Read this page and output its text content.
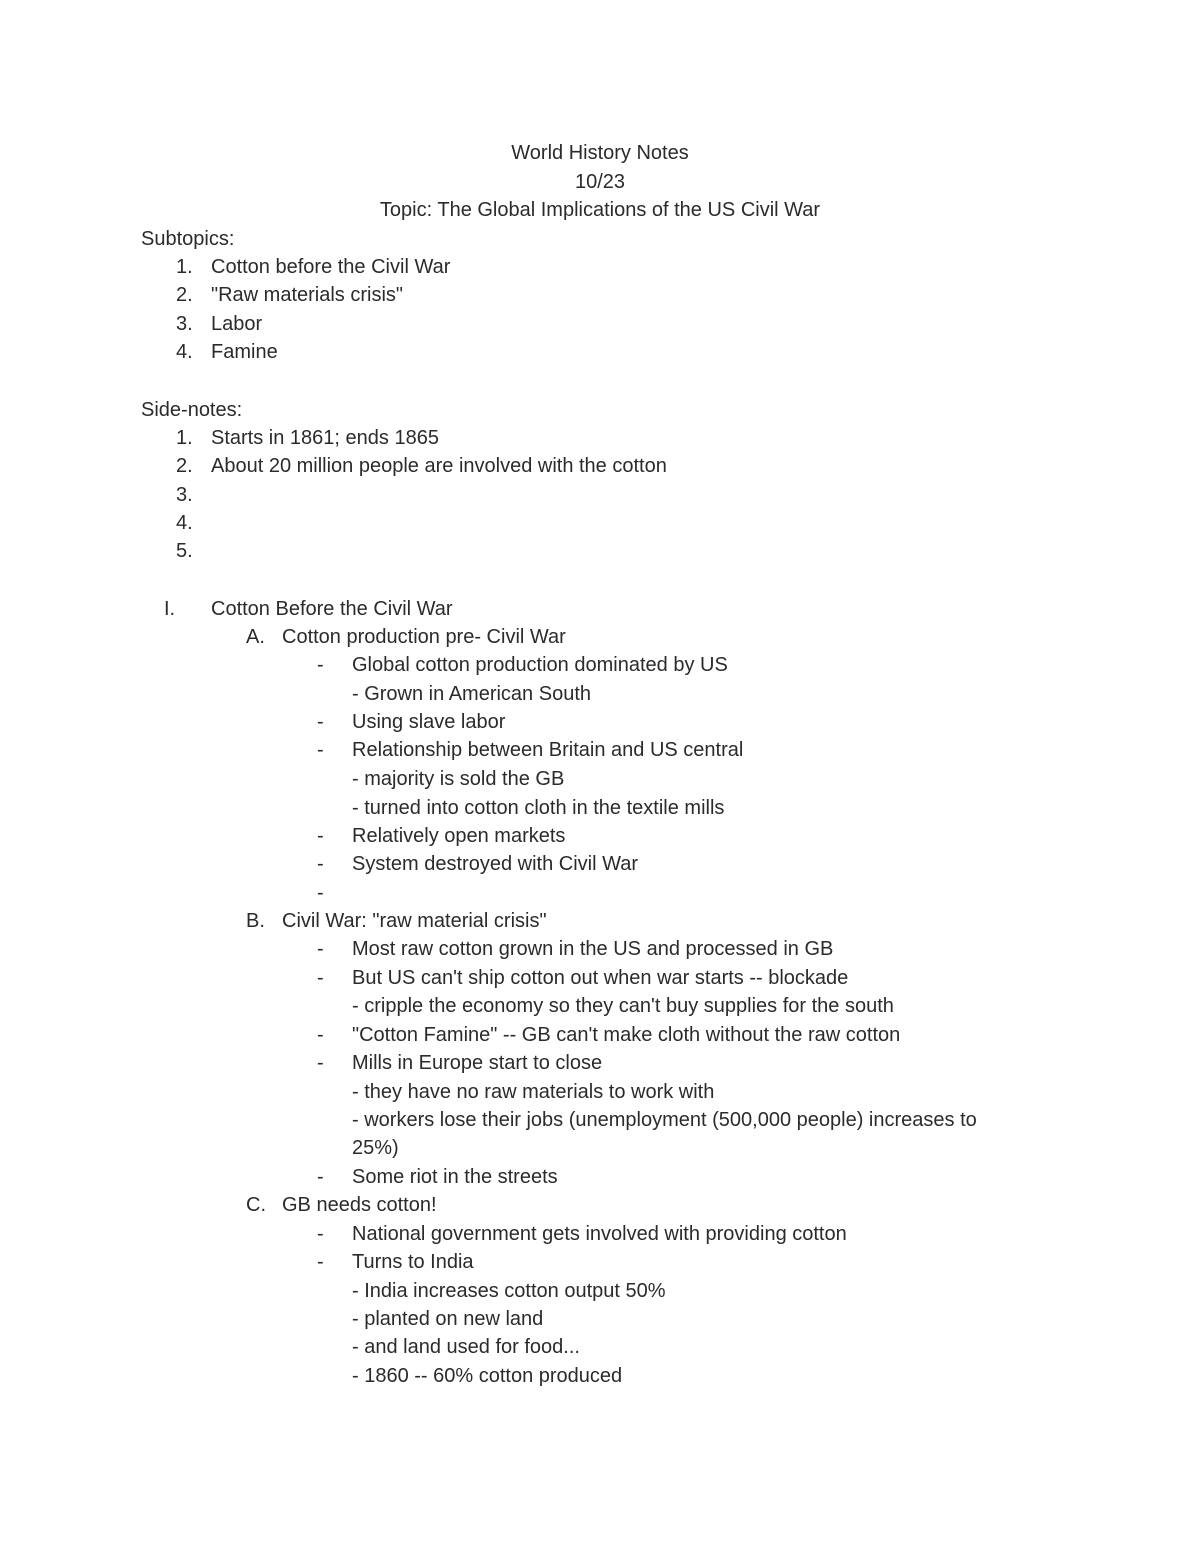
World History Notes
10/23
Topic: The Global Implications of the US Civil War
Subtopics:
1. Cotton before the Civil War
2. "Raw materials crisis"
3. Labor
4. Famine
Side-notes:
1. Starts in 1861; ends 1865
2. About 20 million people are involved with the cotton
3.
4.
5.
I. Cotton Before the Civil War
A. Cotton production pre- Civil War
- Global cotton production dominated by US
- Grown in American South
- Using slave labor
- Relationship between Britain and US central
- majority is sold the GB
- turned into cotton cloth in the textile mills
- Relatively open markets
- System destroyed with Civil War
-
B. Civil War: "raw material crisis"
- Most raw cotton grown in the US and processed in GB
- But US can't ship cotton out when war starts -- blockade
- cripple the economy so they can't buy supplies for the south
- "Cotton Famine" -- GB can't make cloth without the raw cotton
- Mills in Europe start to close
- they have no raw materials to work with
- workers lose their jobs (unemployment (500,000 people) increases to
25%)
- Some riot in the streets
C. GB needs cotton!
- National government gets involved with providing cotton
- Turns to India
- India increases cotton output 50%
- planted on new land
- and land used for food...
- 1860 -- 60% cotton produced
